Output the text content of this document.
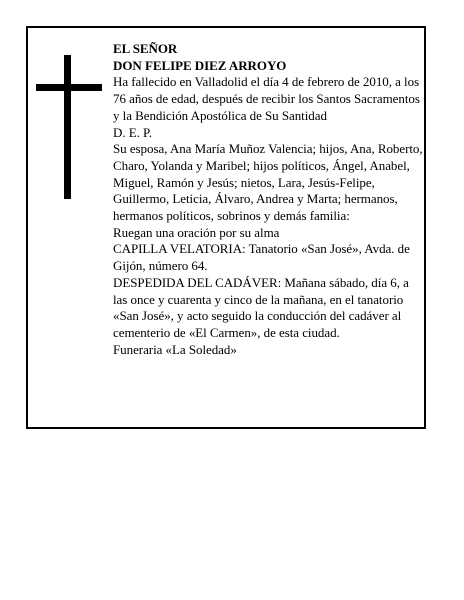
EL SEÑOR

DON FELIPE DIEZ ARROYO

Ha fallecido en Valladolid el día 4 de febrero de 2010, a los 76 años de edad, después de recibir los Santos Sacramentos y la Bendición Apostólica de Su Santidad

D. E. P.

Su esposa, Ana María Muñoz Valencia; hijos, Ana, Roberto, Charo, Yolanda y Maribel; hijos políticos, Ángel, Anabel, Miguel, Ramón y Jesús; nietos, Lara, Jesús-Felipe, Guillermo, Leticia, Álvaro, Andrea y Marta; hermanos, hermanos políticos, sobrinos y demás familia:

Ruegan una oración por su alma

CAPILLA VELATORIA: Tanatorio «San José», Avda. de Gijón, número 64.

DESPEDIDA DEL CADÁVER: Mañana sábado, día 6, a las once y cuarenta y cinco de la mañana, en el tanatorio «San José», y acto seguido la conducción del cadáver al cementerio de «El Carmen», de esta ciudad.

Funeraria «La Soledad»
